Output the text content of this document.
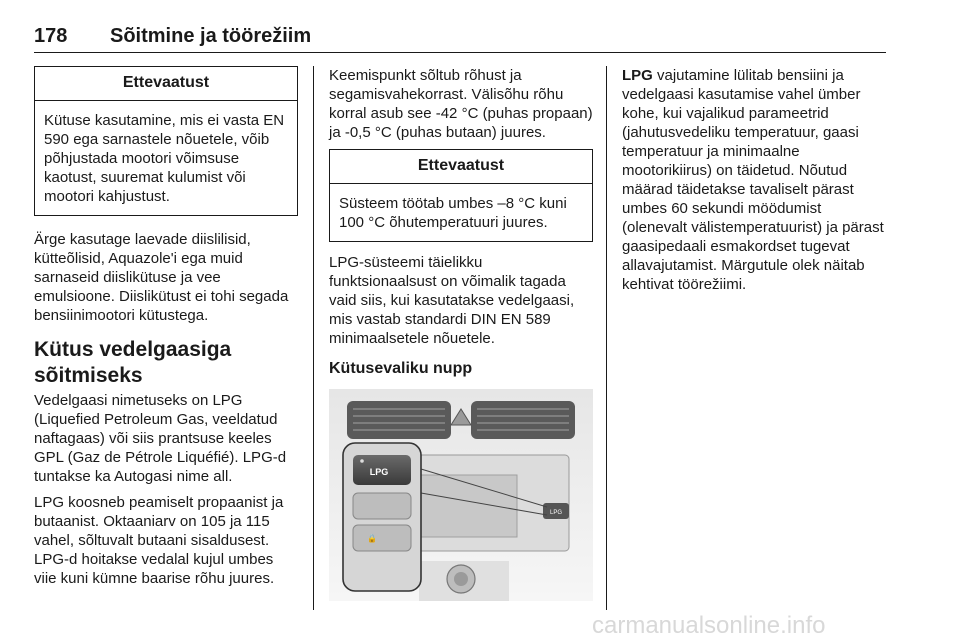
178 Sõitmine ja töörežiim
Ettevaatust
Kütuse kasutamine, mis ei vasta EN 590 ega sarnastele nõuetele, võib põhjustada mootori võimsuse kaotust, suuremat kulumist või mootori kahjustust.

Ärge kasutage laevade diislilisid, kütteõlisid, Aquazole'i ega muid sarnaseid diislikütuse ja vee emulsioone. Diislikütust ei tohi segada bensiinimootori kütustega.

Kütus vedelgaasiga sõitmiseks

Vedelgaasi nimetuseks on LPG (Liquefied Petroleum Gas, veeldatud naftagaas) või siis prantsuse keeles GPL (Gaz de Pétrole Liquéfié). LPG-d tuntakse ka Autogasi nime all.

LPG koosneb peamiselt propaanist ja butaanist. Oktaaniarv on 105 ja 115 vahel, sõltuvalt butaani sisaldusest. LPG-d hoitakse vedalal kujul umbes viie kuni kümne baarise rõhu juures.

Keemispunkt sõltub rõhust ja segamisvahekorrast. Välisõhu rõhu korral asub see -42 °C (puhas propaan) ja -0,5 °C (puhas butaan) juures.

Ettevaatust
Süsteem töötab umbes –8 °C kuni 100 °C õhutemperatuuri juures.

LPG-süsteemi täielikku funktsionaalsust on võimalik tagada vaid siis, kui kasutatakse vedelgaasi, mis vastab standardi DIN EN 589 minimaalsetele nõuetele.

Kütusevaliku nupp
LPG
LPG
🔒

LPG vajutamine lülitab bensiini ja vedelgaasi kasutamise vahel ümber kohe, kui vajalikud parameetrid (jahutusvedeliku temperatuur, gaasi temperatuur ja minimaalne mootorikiirus) on täidetud. Nõutud määrad täidetakse tavaliselt pärast umbes 60 sekundi möödumist (olenevalt välistemperatuurist) ja pärast gaasipedaali esmakordset tugevat allavajutamist. Märgutule olek näitab kehtivat töörežiimi.

carmanualsonline.info
